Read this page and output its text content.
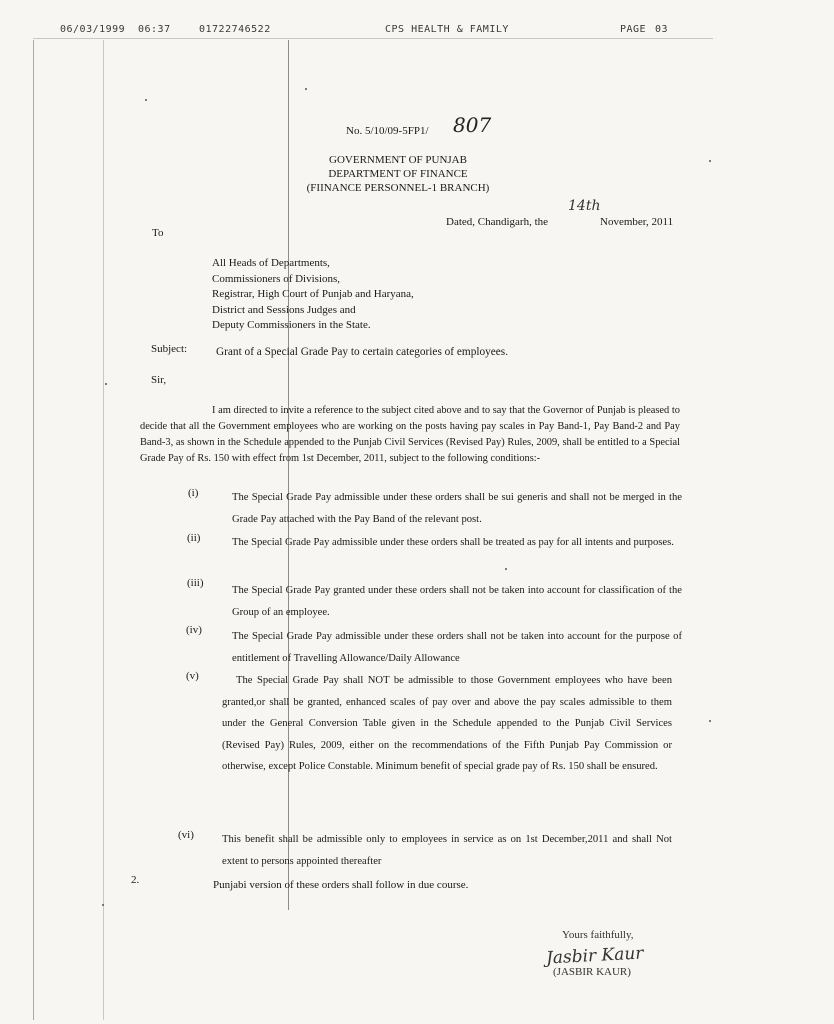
06/03/1999 06:37	01722746522	CPS HEALTH & FAMILY	PAGE 03
No. 5/10/09-5FP1/ 807
GOVERNMENT OF PUNJAB
DEPARTMENT OF FINANCE
(FIINANCE PERSONNEL-1 BRANCH)
Dated, Chandigarh, the
14th
November, 2011
To
All Heads of Departments,
Commissioners of Divisions,
Registrar, High Court of Punjab and Haryana,
District and Sessions Judges and
Deputy Commissioners in the State.
Subject:	Grant of a Special Grade Pay to certain categories of employees.
Sir,
I am directed to invite a reference to the subject cited above and to say that the Governor of Punjab is pleased to decide that all the Government employees who are working on the posts having pay scales in Pay Band-1, Pay Band-2 and Pay Band-3, as shown in the Schedule appended to the Punjab Civil Services (Revised Pay) Rules, 2009, shall be entitled to a Special Grade Pay of Rs. 150 with effect from 1st December, 2011, subject to the following conditions:-
(i)	The Special Grade Pay admissible under these orders shall be sui generis and shall not be merged in the Grade Pay attached with the Pay Band of the relevant post.
(ii)	The Special Grade Pay admissible under these orders shall be treated as pay for all intents and purposes.
(iii)
The Special Grade Pay granted under these orders shall not be taken into account for classification of the Group of an employee.
(iv)
The Special Grade Pay admissible under these orders shall not be taken into account for the purpose of entitlement of Travelling Allowance/Daily Allowance
(v)	The Special Grade Pay shall NOT be admissible to those Government employees who have been granted,or shall be granted, enhanced scales of pay over and above the pay scales admissible to them under the General Conversion Table given in the Schedule appended to the Punjab Civil Services (Revised Pay) Rules, 2009, either on the recommendations of the Fifth Punjab Pay Commission or otherwise, except Police Constable. Minimum benefit of special grade pay of Rs. 150 shall be ensured.
(vi)	This benefit shall be admissible only to employees in service as on 1st December,2011 and shall Not extent to persons appointed thereafter
2.	Punjabi version of these orders shall follow in due course.
Yours faithfully,
Jasbir Kaur
(JASBIR KAUR)
